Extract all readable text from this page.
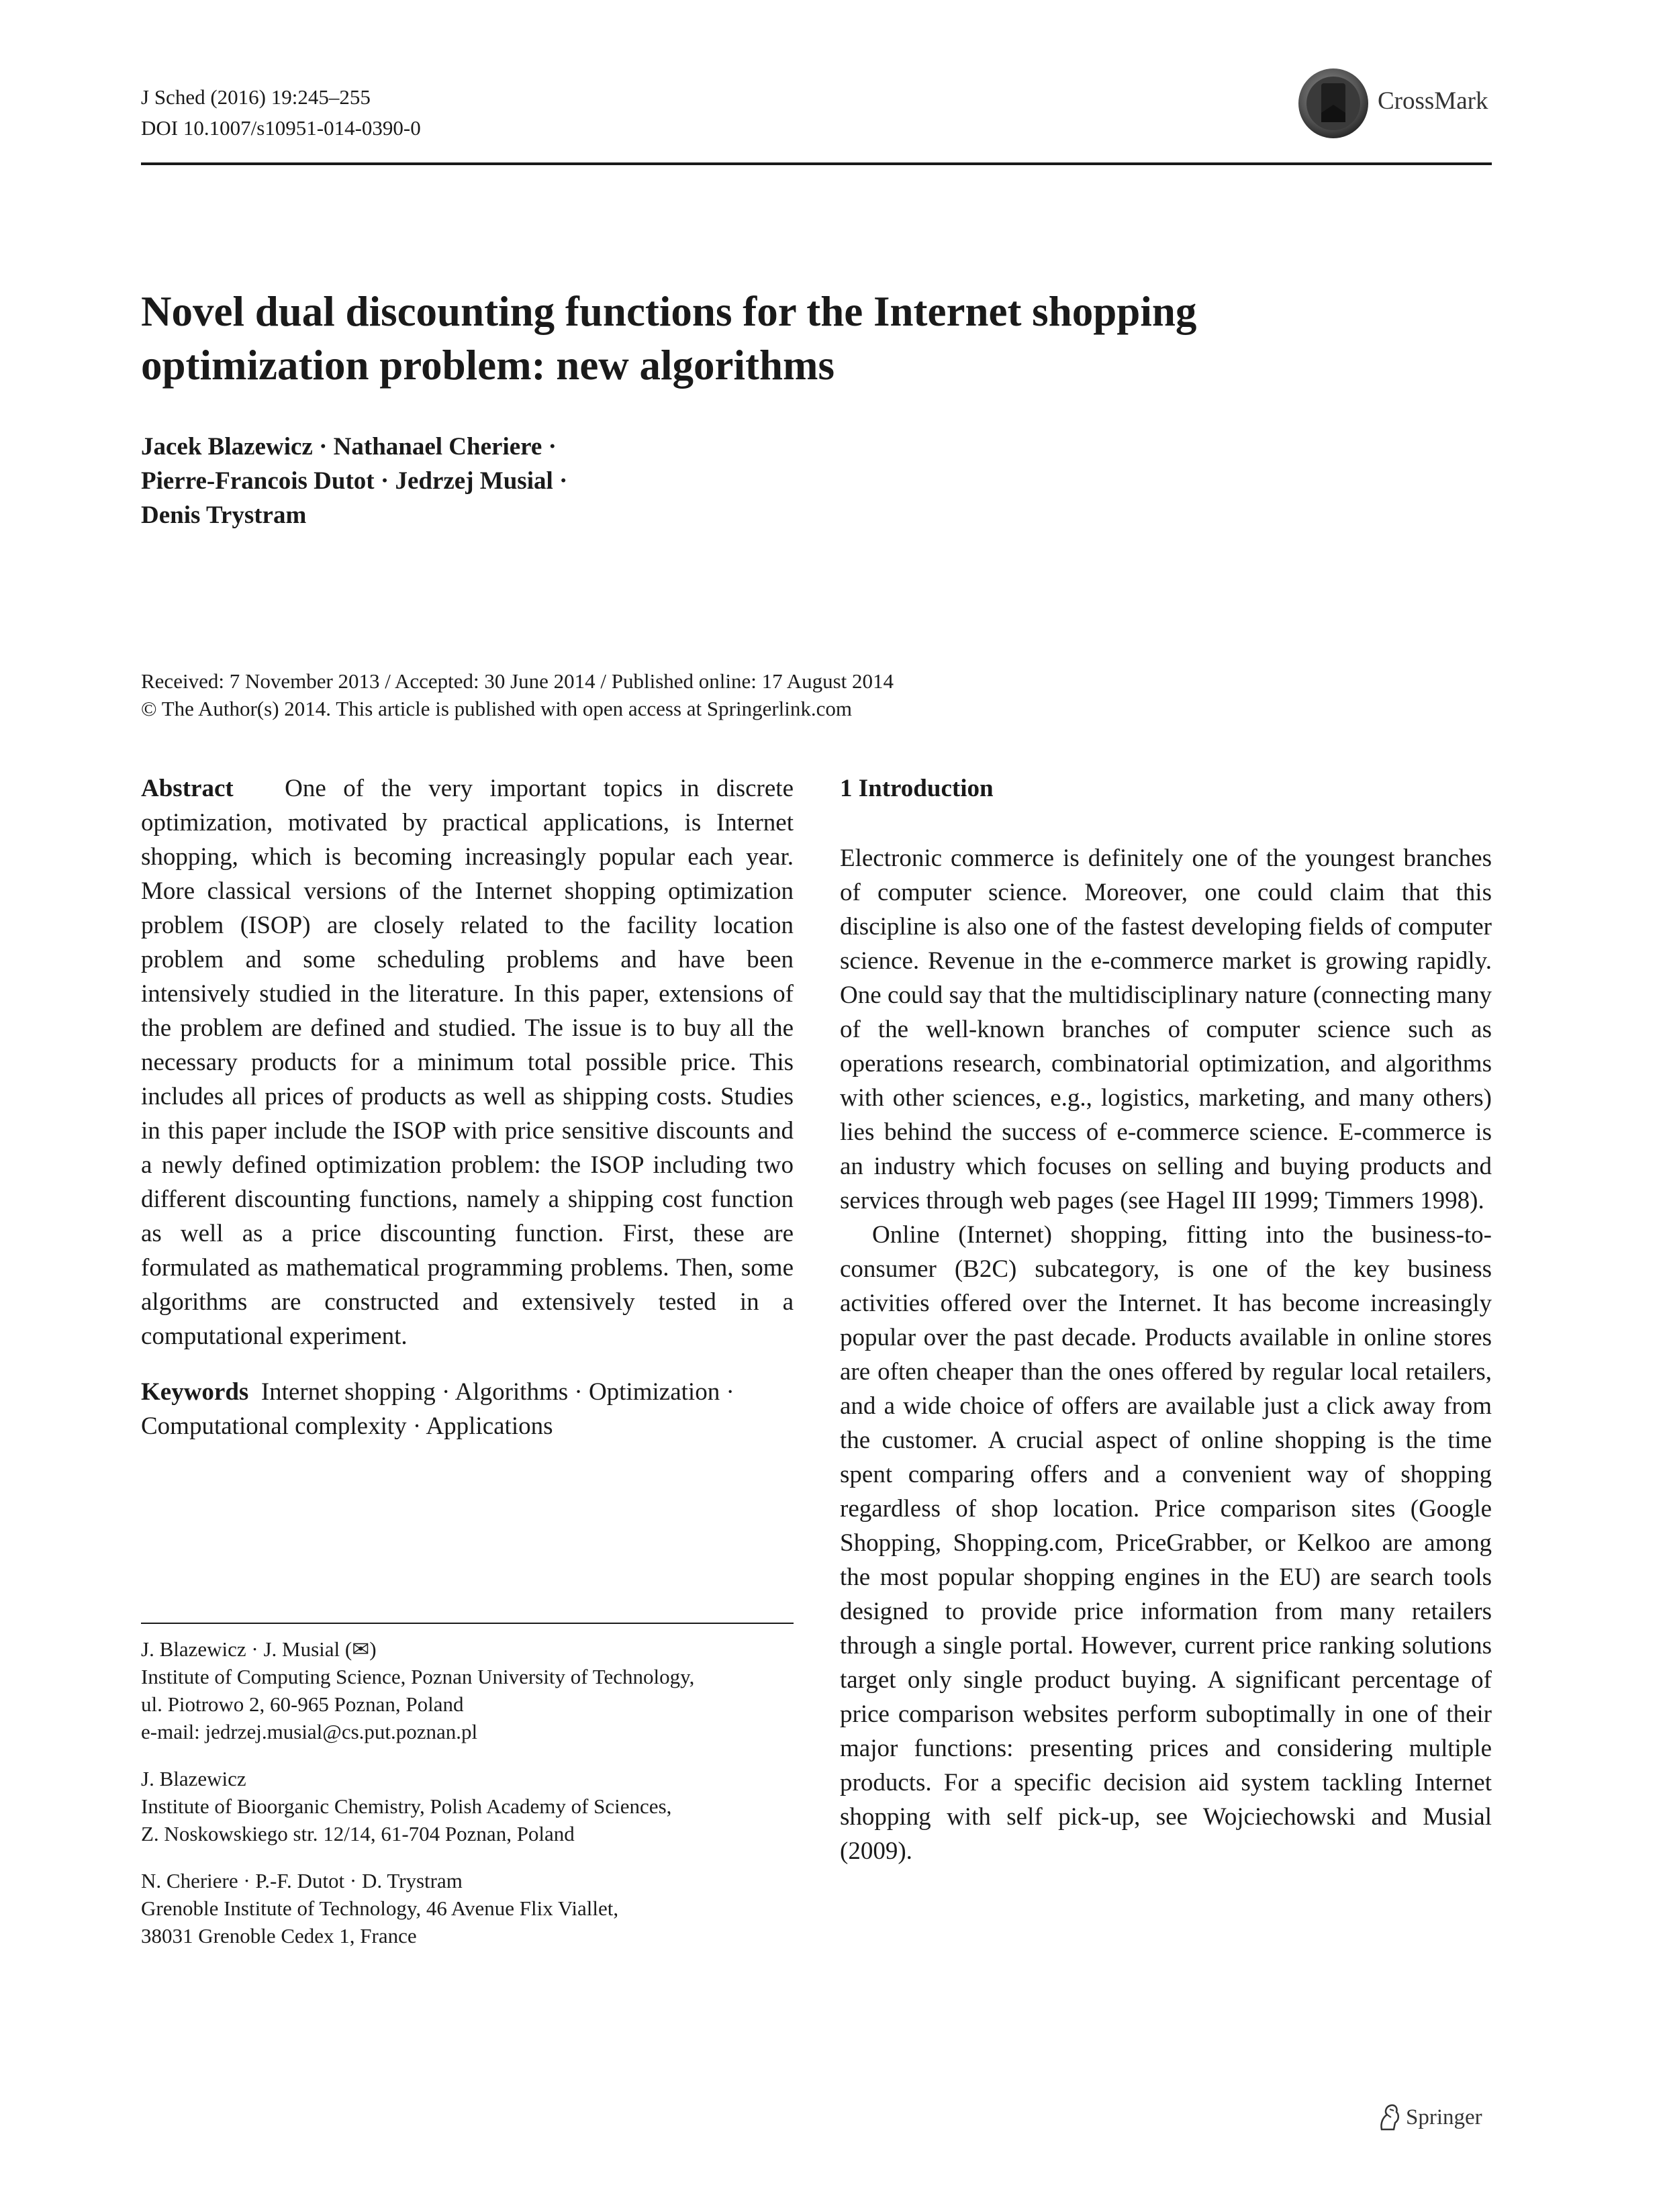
J Sched (2016) 19:245–255
DOI 10.1007/s10951-014-0390-0
CrossMark
Novel dual discounting functions for the Internet shopping
optimization problem: new algorithms
Jacek Blazewicz · Nathanael Cheriere ·
Pierre-Francois Dutot · Jedrzej Musial ·
Denis Trystram
Received: 7 November 2013 / Accepted: 30 June 2014 / Published online: 17 August 2014
© The Author(s) 2014. This article is published with open access at Springerlink.com

Abstract One of the very important topics in discrete optimization, motivated by practical applications, is Internet shopping, which is becoming increasingly popular each year. More classical versions of the Internet shopping optimization problem (ISOP) are closely related to the facility location problem and some scheduling problems and have been intensively studied in the literature. In this paper, extensions of the problem are defined and studied. The issue is to buy all the necessary products for a minimum total possible price. This includes all prices of products as well as shipping costs. Studies in this paper include the ISOP with price sensitive discounts and a newly defined optimization problem: the ISOP including two different discounting functions, namely a shipping cost function as well as a price discounting function. First, these are formulated as mathematical programming problems. Then, some algorithms are constructed and extensively tested in a computational experiment.

Keywords Internet shopping · Algorithms · Optimization · Computational complexity · Applications

J. Blazewicz · J. Musial (✉)

Institute of Computing Science, Poznan University of Technology,

ul. Piotrowo 2, 60-965 Poznan, Poland

e-mail: jedrzej.musial@cs.put.poznan.pl

J. Blazewicz

Institute of Bioorganic Chemistry, Polish Academy of Sciences,

Z. Noskowskiego str. 12/14, 61-704 Poznan, Poland

N. Cheriere · P.-F. Dutot · D. Trystram

Grenoble Institute of Technology, 46 Avenue Flix Viallet,

38031 Grenoble Cedex 1, France

1 Introduction

Electronic commerce is definitely one of the youngest branches of computer science. Moreover, one could claim that this discipline is also one of the fastest developing fields of computer science. Revenue in the e-commerce market is growing rapidly. One could say that the multidisciplinary nature (connecting many of the well-known branches of computer science such as operations research, combinatorial optimization, and algorithms with other sciences, e.g., logistics, marketing, and many others) lies behind the success of e-commerce science. E-commerce is an industry which focuses on selling and buying products and services through web pages (see Hagel III 1999; Timmers 1998).

Online (Internet) shopping, fitting into the business-to-consumer (B2C) subcategory, is one of the key business activities offered over the Internet. It has become increasingly popular over the past decade. Products available in online stores are often cheaper than the ones offered by regular local retailers, and a wide choice of offers are available just a click away from the customer. A crucial aspect of online shopping is the time spent comparing offers and a convenient way of shopping regardless of shop location. Price comparison sites (Google Shopping, Shopping.com, PriceGrabber, or Kelkoo are among the most popular shopping engines in the EU) are search tools designed to provide price information from many retailers through a single portal. However, current price ranking solutions target only single product buying. A significant percentage of price comparison websites perform suboptimally in one of their major functions: presenting prices and considering multiple products. For a specific decision aid system tackling Internet shopping with self pick-up, see Wojciechowski and Musial (2009).

Springer
